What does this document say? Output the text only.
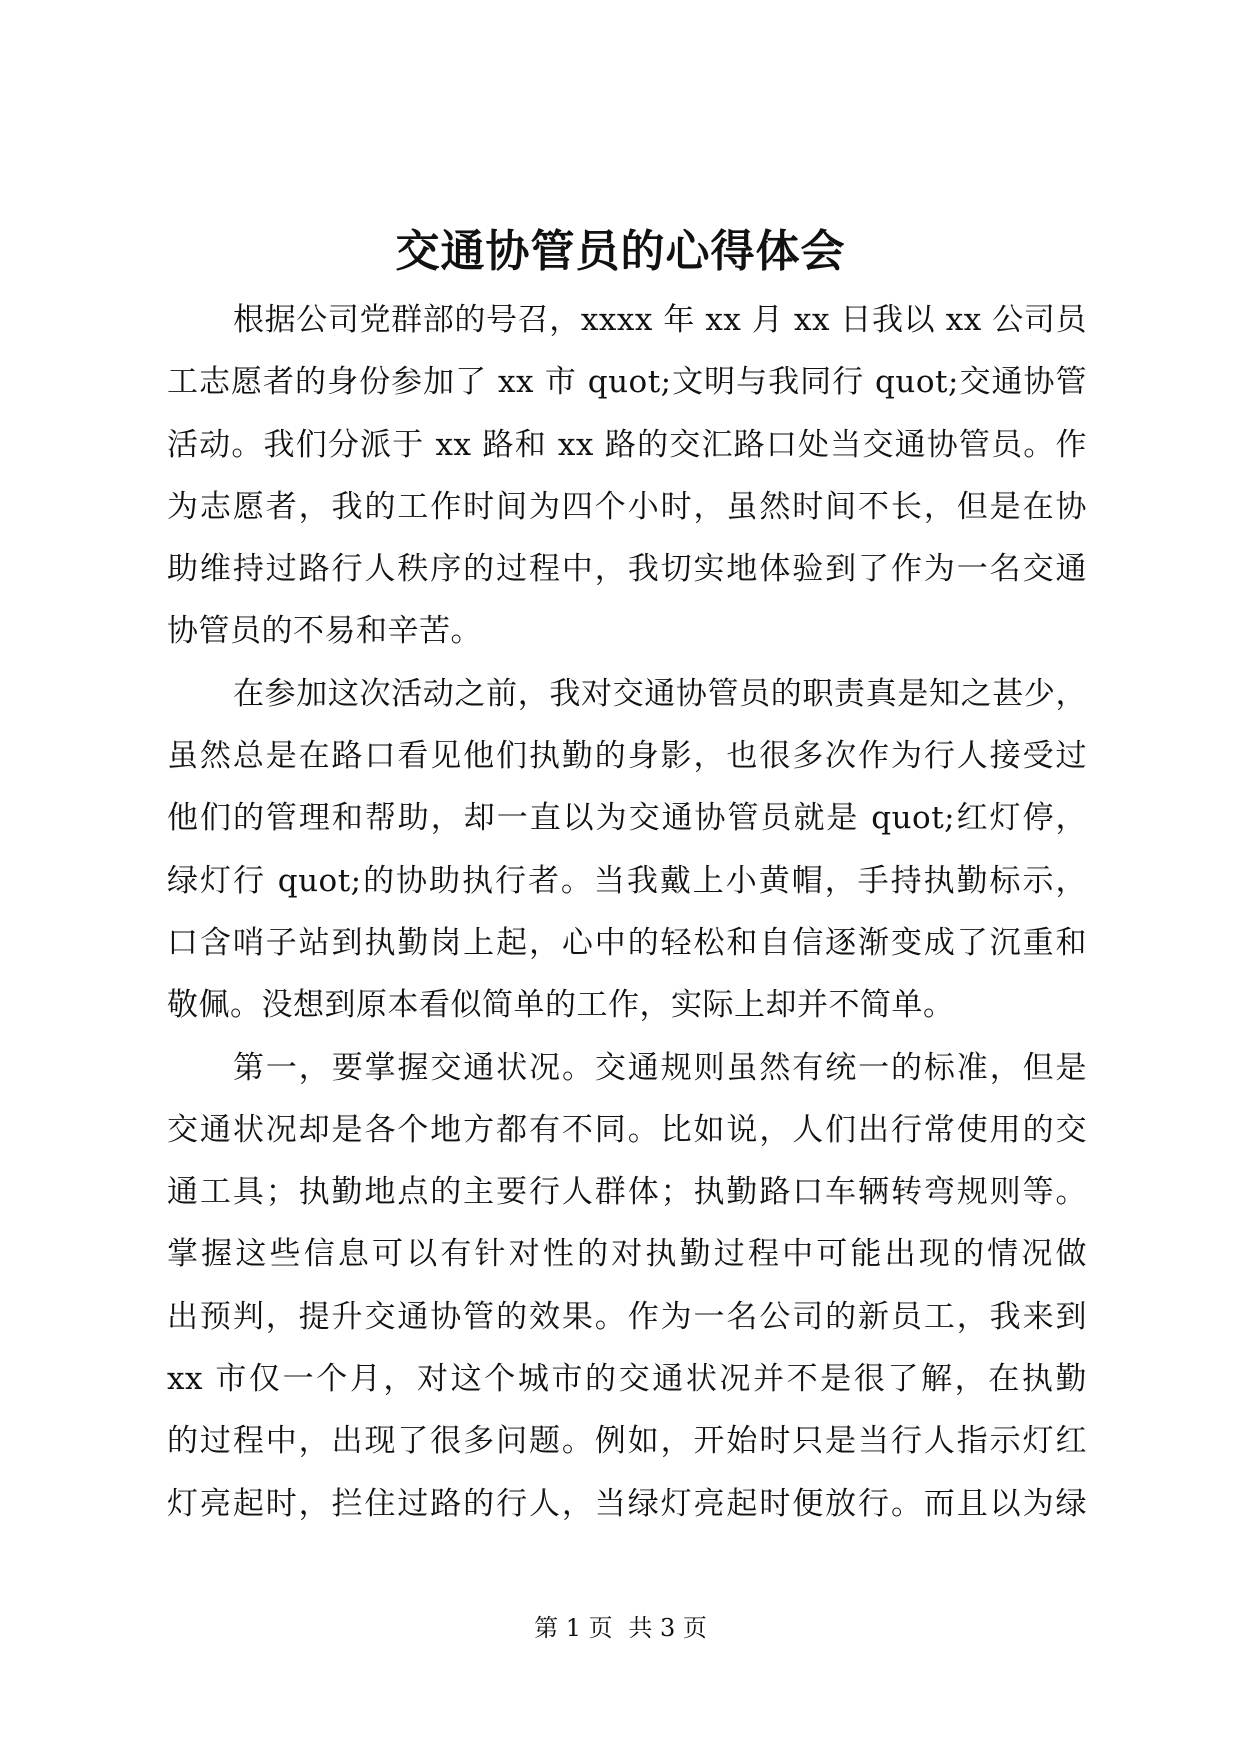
交通协管员的心得体会
根据公司党群部的号召，xxxx 年 xx 月 xx 日我以 xx 公司员
工志愿者的身份参加了 xx 市 quot;文明与我同行 quot;交通协管
活动。我们分派于 xx 路和 xx 路的交汇路口处当交通协管员。作
为志愿者，我的工作时间为四个小时，虽然时间不长，但是在协
助维持过路行人秩序的过程中，我切实地体验到了作为一名交通
协管员的不易和辛苦。
在参加这次活动之前，我对交通协管员的职责真是知之甚少，
虽然总是在路口看见他们执勤的身影，也很多次作为行人接受过
他们的管理和帮助，却一直以为交通协管员就是 quot;红灯停，
绿灯行 quot;的协助执行者。当我戴上小黄帽，手持执勤标示，
口含哨子站到执勤岗上起，心中的轻松和自信逐渐变成了沉重和
敬佩。没想到原本看似简单的工作，实际上却并不简单。
第一，要掌握交通状况。交通规则虽然有统一的标准，但是
交通状况却是各个地方都有不同。比如说，人们出行常使用的交
通工具；执勤地点的主要行人群体；执勤路口车辆转弯规则等。
掌握这些信息可以有针对性的对执勤过程中可能出现的情况做
出预判，提升交通协管的效果。作为一名公司的新员工，我来到
xx 市仅一个月，对这个城市的交通状况并不是很了解，在执勤
的过程中，出现了很多问题。例如，开始时只是当行人指示灯红
灯亮起时，拦住过路的行人，当绿灯亮起时便放行。而且以为绿
第 1 页 共 3 页
